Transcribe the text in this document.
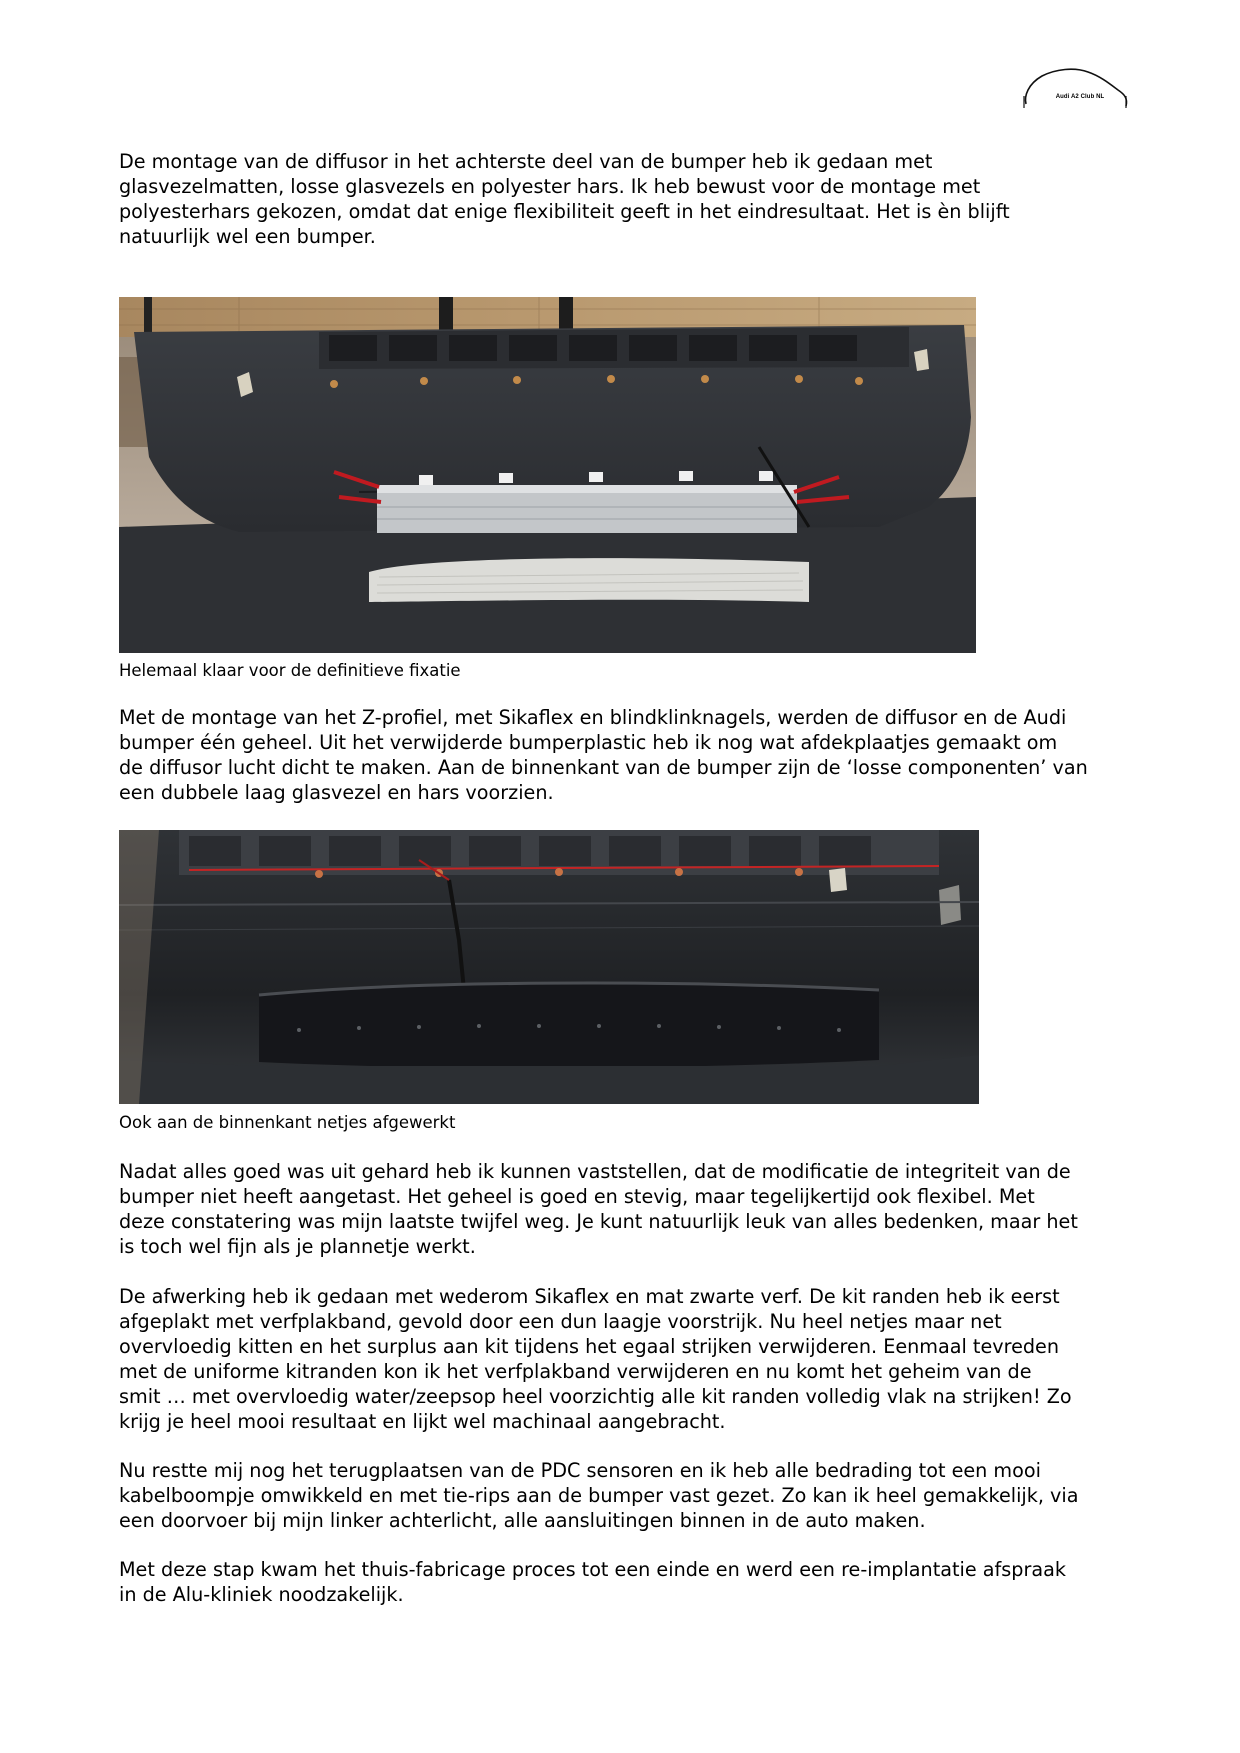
Audi A2 Club NL

De montage van de diffusor in het achterste deel van de bumper heb ik gedaan met
glasvezelmatten, losse glasvezels en polyester hars. Ik heb bewust voor de montage met
polyesterhars gekozen, omdat dat enige flexibiliteit geeft in het eindresultaat. Het is èn blijft
natuurlijk wel een bumper.

Helemaal klaar voor de definitieve fixatie

Met de montage van het Z-profiel, met Sikaflex en blindklinknagels, werden de diffusor en de Audi
bumper één geheel. Uit het verwijderde bumperplastic heb ik nog wat afdekplaatjes gemaakt om
de diffusor lucht dicht te maken. Aan de binnenkant van de bumper zijn de ‘losse componenten’ van
een dubbele laag glasvezel en hars voorzien.

Ook aan de binnenkant netjes afgewerkt

Nadat alles goed was uit gehard heb ik kunnen vaststellen, dat de modificatie de integriteit van de
bumper niet heeft aangetast. Het geheel is goed en stevig, maar tegelijkertijd ook flexibel. Met
deze constatering was mijn laatste twijfel weg. Je kunt natuurlijk leuk van alles bedenken, maar het
is toch wel fijn als je plannetje werkt.

De afwerking heb ik gedaan met wederom Sikaflex en mat zwarte verf. De kit randen heb ik eerst
afgeplakt met verfplakband, gevold door een dun laagje voorstrijk. Nu heel netjes maar net
overvloedig kitten en het surplus aan kit tijdens het egaal strijken verwijderen. Eenmaal tevreden
met de uniforme kitranden kon ik het verfplakband verwijderen en nu komt het geheim van de
smit … met overvloedig water/zeepsop heel voorzichtig alle kit randen volledig vlak na strijken! Zo
krijg je heel mooi resultaat en lijkt wel machinaal aangebracht.

Nu restte mij nog het terugplaatsen van de PDC sensoren en ik heb alle bedrading tot een mooi
kabelboompje omwikkeld en met tie-rips aan de bumper vast gezet. Zo kan ik heel gemakkelijk, via
een doorvoer bij mijn linker achterlicht, alle aansluitingen binnen in de auto maken.

Met deze stap kwam het thuis-fabricage proces tot een einde en werd een re-implantatie afspraak
in de Alu-kliniek noodzakelijk.
